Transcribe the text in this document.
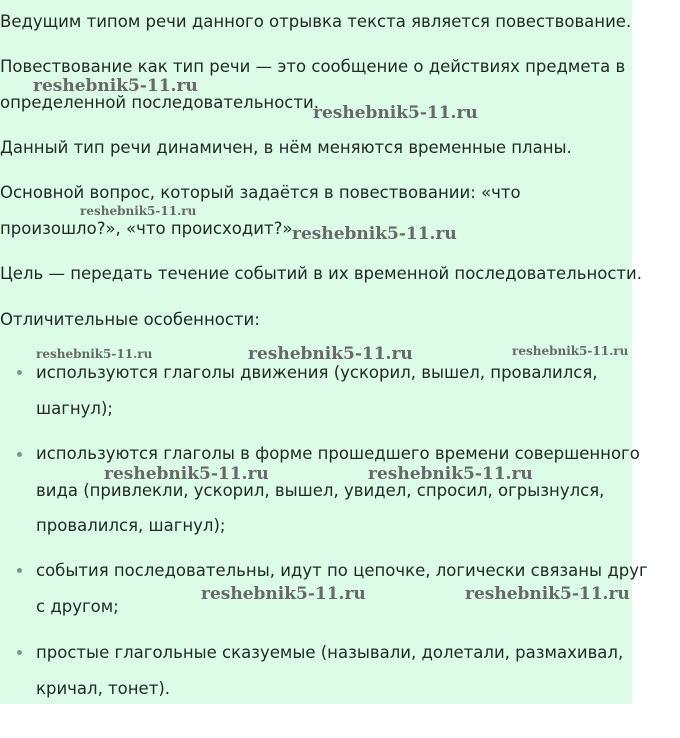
Ведущим типом речи данного отрывка текста является повествование.

Повествование как тип речи — это сообщение о действиях предмета в

определенной последовательности.

Данный тип речи динамичен, в нём меняются временные планы.

Основной вопрос, который задаётся в повествовании: «что

произошло?», «что происходит?».

Цель — передать течение событий в их временной последовательности.

Отличительные особенности:

используются глаголы движения (ускорил, вышел, провалился,

шагнул);

используются глаголы в форме прошедшего времени совершенного

вида (привлекли, ускорил, вышел, увидел, спросил, огрызнулся,

провалился, шагнул);

события последовательны, идут по цепочке, логически связаны друг

с другом;

простые глагольные сказуемые (называли, долетали, размахивал,

кричал, тонет).

reshebnik5-11.ru
reshebnik5-11.ru
reshebnik5-11.ru
reshebnik5-11.ru
reshebnik5-11.ru	reshebnik5-11.ru	reshebnik5-11.ru
reshebnik5-11.ru	reshebnik5-11.ru
reshebnik5-11.ru	reshebnik5-11.ru
